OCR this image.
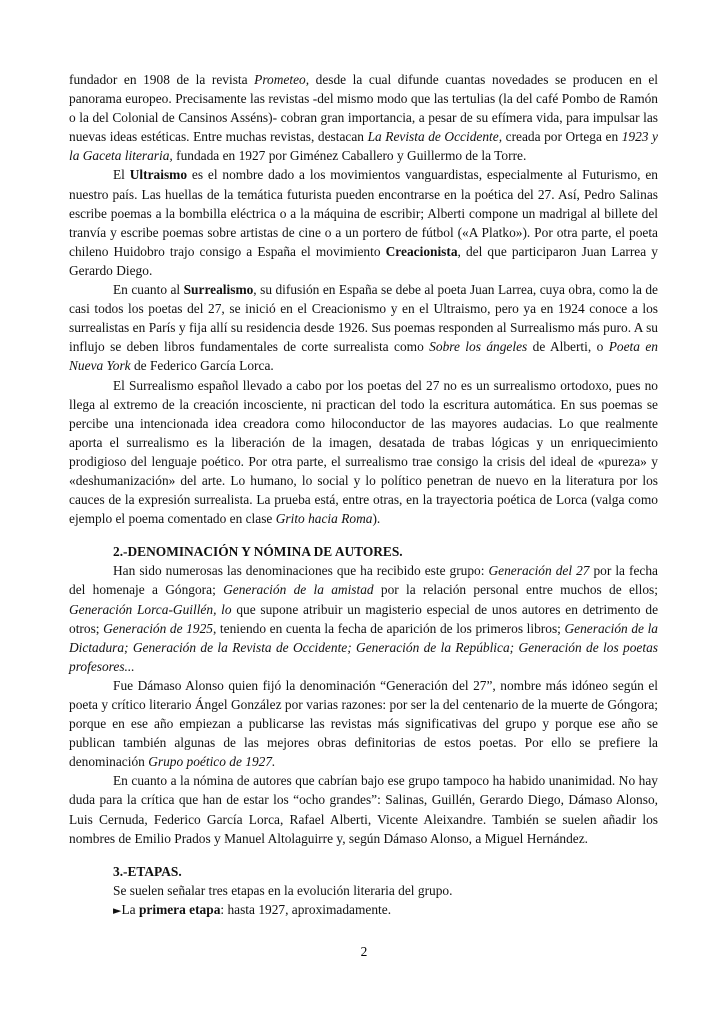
fundador en 1908 de la revista Prometeo, desde la cual difunde cuantas novedades se producen en el panorama europeo. Precisamente las revistas -del mismo modo que las tertulias (la del café Pombo de Ramón o la del Colonial de Cansinos Asséns)- cobran gran importancia, a pesar de su efímera vida, para impulsar las nuevas ideas estéticas. Entre muchas revistas, destacan La Revista de Occidente, creada por Ortega en 1923 y la Gaceta literaria, fundada en 1927 por Giménez Caballero y Guillermo de la Torre.

El Ultraismo es el nombre dado a los movimientos vanguardistas, especialmente al Futurismo, en nuestro país. Las huellas de la temática futurista pueden encontrarse en la poética del 27. Así, Pedro Salinas escribe poemas a la bombilla eléctrica o a la máquina de escribir; Alberti compone un madrigal al billete del tranvía y escribe poemas sobre artistas de cine o a un portero de fútbol («A Platko»). Por otra parte, el poeta chileno Huidobro trajo consigo a España el movimiento Creacionista, del que participaron Juan Larrea y Gerardo Diego.

En cuanto al Surrealismo, su difusión en España se debe al poeta Juan Larrea, cuya obra, como la de casi todos los poetas del 27, se inició en el Creacionismo y en el Ultraismo, pero ya en 1924 conoce a los surrealistas en París y fija allí su residencia desde 1926. Sus poemas responden al Surrealismo más puro. A su influjo se deben libros fundamentales de corte surrealista como Sobre los ángeles de Alberti, o Poeta en Nueva York de Federico García Lorca.

El Surrealismo español llevado a cabo por los poetas del 27 no es un surrealismo ortodoxo, pues no llega al extremo de la creación incosciente, ni practican del todo la escritura automática. En sus poemas se percibe una intencionada idea creadora como hiloconductor de las mayores audacias. Lo que realmente aporta el surrealismo es la liberación de la imagen, desatada de trabas lógicas y un enriquecimiento prodigioso del lenguaje poético. Por otra parte, el surrealismo trae consigo la crisis del ideal de «pureza» y «deshumanización» del arte. Lo humano, lo social y lo político penetran de nuevo en la literatura por los cauces de la expresión surrealista. La prueba está, entre otras, en la trayectoria poética de Lorca (valga como ejemplo el poema comentado en clase Grito hacia Roma).

2.-DENOMINACIÓN Y NÓMINA DE AUTORES.

Han sido numerosas las denominaciones que ha recibido este grupo: Generación del 27 por la fecha del homenaje a Góngora; Generación de la amistad por la relación personal entre muchos de ellos; Generación Lorca-Guillén, lo que supone atribuir un magisterio especial de unos autores en detrimento de otros; Generación de 1925, teniendo en cuenta la fecha de aparición de los primeros libros; Generación de la Dictadura; Generación de la Revista de Occidente; Generación de la República; Generación de los poetas profesores...

Fue Dámaso Alonso quien fijó la denominación “Generación del 27”, nombre más idóneo según el poeta y crítico literario Ángel González por varias razones: por ser la del centenario de la muerte de Góngora; porque en ese año empiezan a publicarse las revistas más significativas del grupo y porque ese año se publican también algunas de las mejores obras definitorias de estos poetas. Por ello se prefiere la denominación Grupo poético de 1927.

En cuanto a la nómina de autores que cabrían bajo ese grupo tampoco ha habido unanimidad. No hay duda para la crítica que han de estar los “ocho grandes”: Salinas, Guillén, Gerardo Diego, Dámaso Alonso, Luis Cernuda, Federico García Lorca, Rafael Alberti, Vicente Aleixandre. También se suelen añadir los nombres de Emilio Prados y Manuel Altolaguirre y, según Dámaso Alonso, a Miguel Hernández.

3.-ETAPAS.

Se suelen señalar tres etapas en la evolución literaria del grupo.

►La primera etapa: hasta 1927, aproximadamente.

2
